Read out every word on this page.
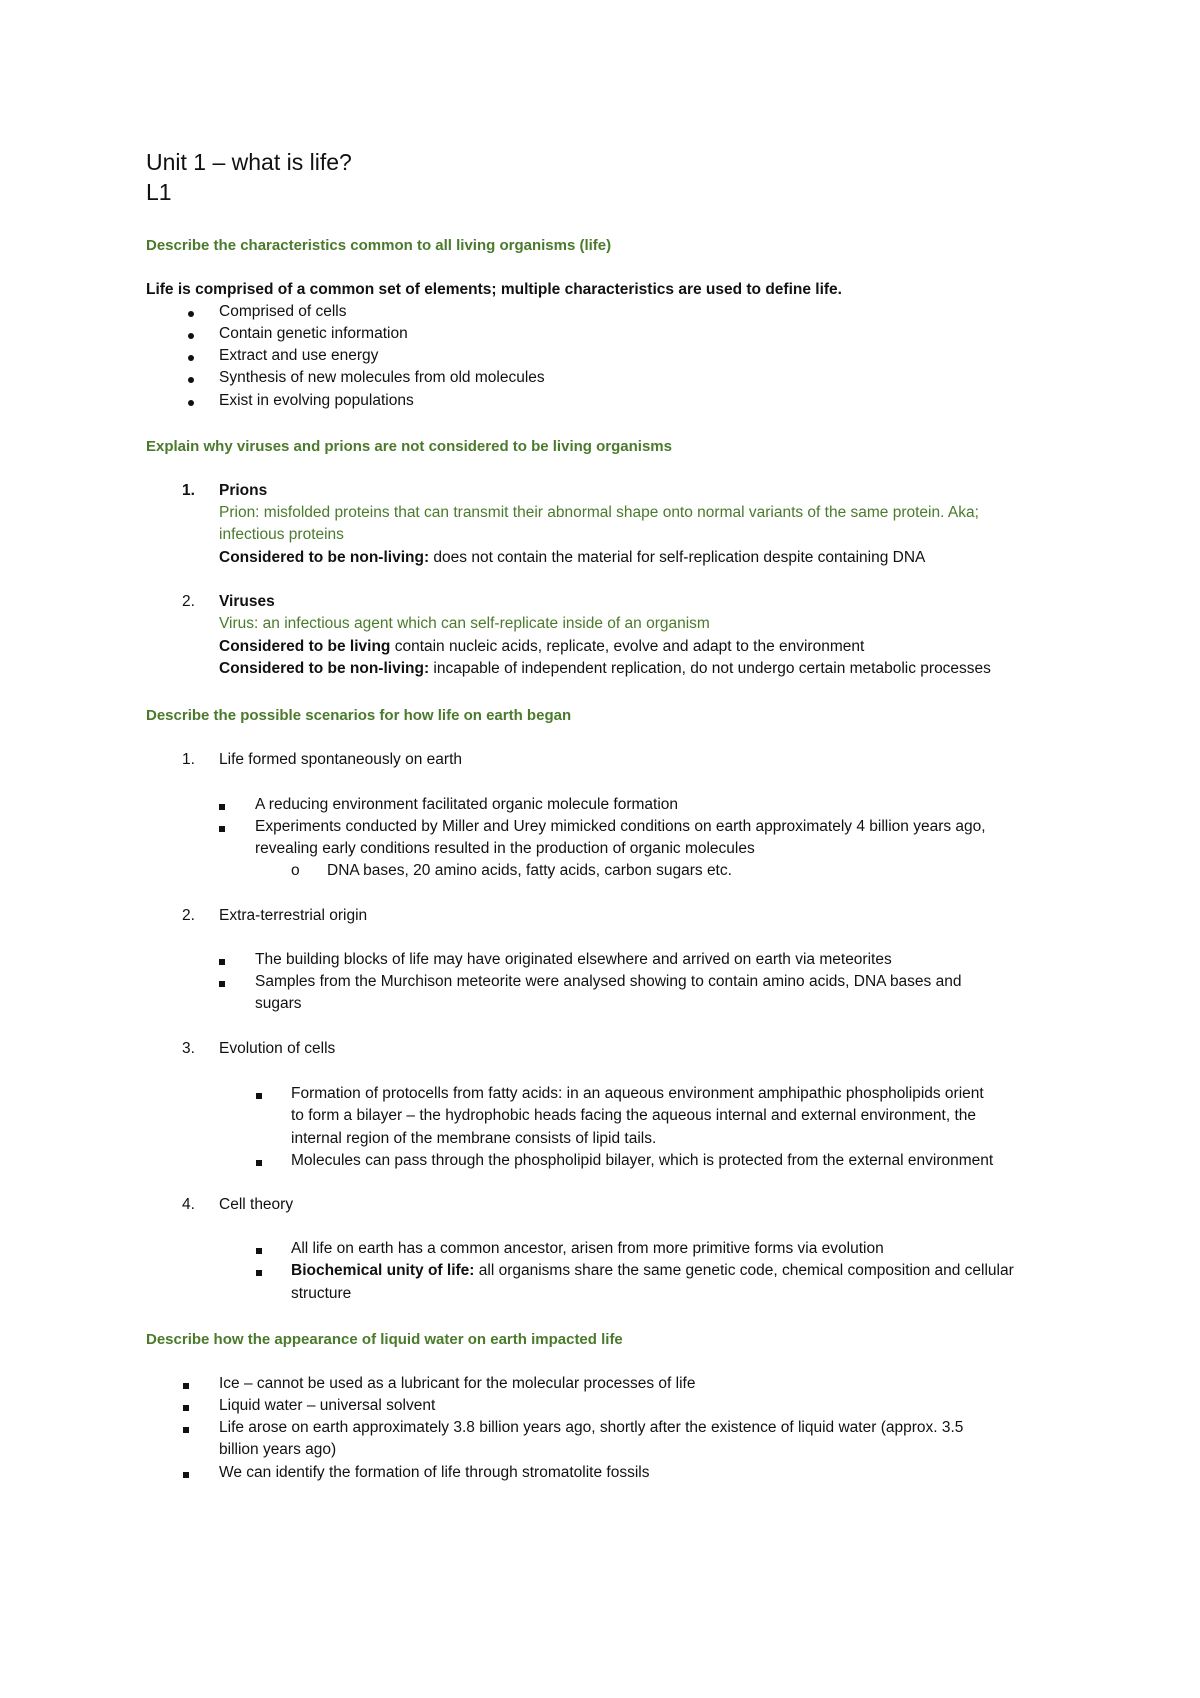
Unit 1 – what is life?
L1
Describe the characteristics common to all living organisms (life)
Life is comprised of a common set of elements; multiple characteristics are used to define life.
Comprised of cells
Contain genetic information
Extract and use energy
Synthesis of new molecules from old molecules
Exist in evolving populations
Explain why viruses and prions are not considered to be living organisms
1. Prions
Prion: misfolded proteins that can transmit their abnormal shape onto normal variants of the same protein. Aka;
infectious proteins
Considered to be non-living: does not contain the material for self-replication despite containing DNA
2. Viruses
Virus: an infectious agent which can self-replicate inside of an organism
Considered to be living contain nucleic acids, replicate, evolve and adapt to the environment
Considered to be non-living: incapable of independent replication, do not undergo certain metabolic processes
Describe the possible scenarios for how life on earth began
1. Life formed spontaneously on earth
A reducing environment facilitated organic molecule formation
Experiments conducted by Miller and Urey mimicked conditions on earth approximately 4 billion years ago,
revealing early conditions resulted in the production of organic molecules
o DNA bases, 20 amino acids, fatty acids, carbon sugars etc.
2. Extra-terrestrial origin
The building blocks of life may have originated elsewhere and arrived on earth via meteorites
Samples from the Murchison meteorite were analysed showing to contain amino acids, DNA bases and
sugars
3. Evolution of cells
Formation of protocells from fatty acids: in an aqueous environment amphipathic phospholipids orient
to form a bilayer – the hydrophobic heads facing the aqueous internal and external environment, the
internal region of the membrane consists of lipid tails.
Molecules can pass through the phospholipid bilayer, which is protected from the external environment
4. Cell theory
All life on earth has a common ancestor, arisen from more primitive forms via evolution
Biochemical unity of life: all organisms share the same genetic code, chemical composition and cellular
structure
Describe how the appearance of liquid water on earth impacted life
Ice – cannot be used as a lubricant for the molecular processes of life
Liquid water – universal solvent
Life arose on earth approximately 3.8 billion years ago, shortly after the existence of liquid water (approx. 3.5
billion years ago)
We can identify the formation of life through stromatolite fossils
